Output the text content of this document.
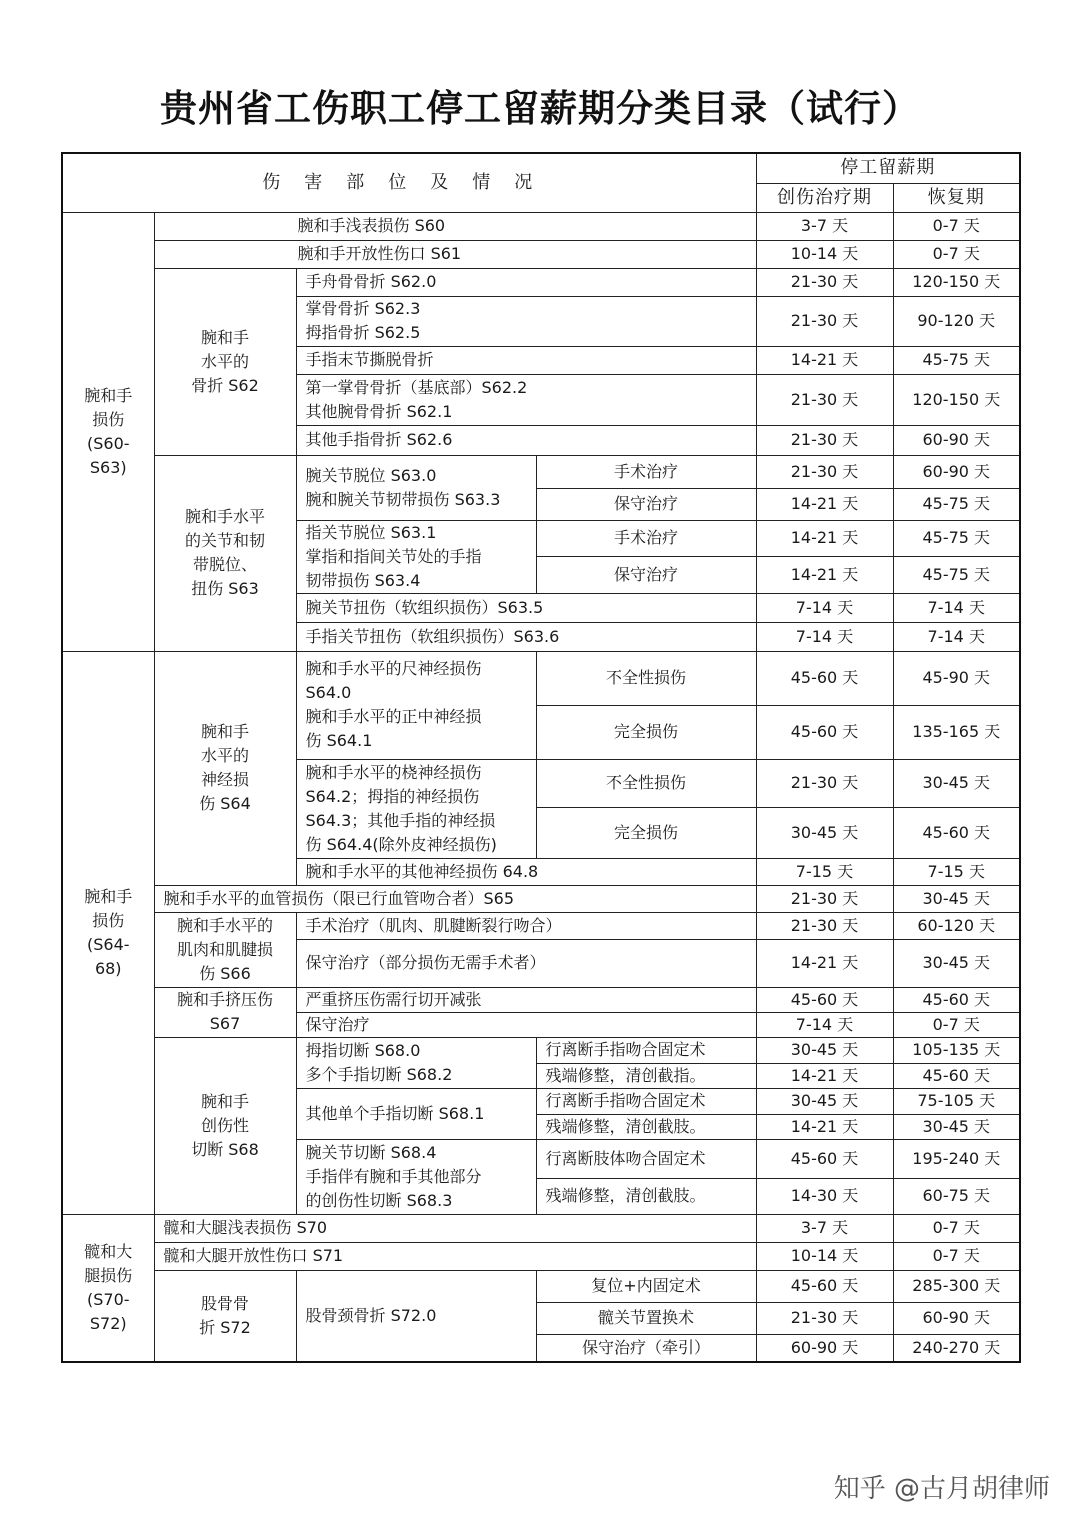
贵州省工伤职工停工留薪期分类目录（试行）
伤害部位及情况				停工留薪期	
				创伤治疗期	恢复期

腕和手
损伤
(S60-
S63)	腕和手浅表损伤 S60			3-7 天	0-7 天
	腕和手开放性伤口 S61			10-14 天	0-7 天

	腕和手
水平的
骨折 S62	手舟骨骨折 S62.0		21-30 天	120-150 天

		掌骨骨折 S62.3
拇指骨折 S62.5		21-30 天	90-120 天
		手指末节撕脱骨折		14-21 天	45-75 天

		第一掌骨骨折（基底部）S62.2
其他腕骨骨折 S62.1		21-30 天	120-150 天
		其他手指骨折 S62.6		21-30 天	60-90 天

	腕和手水平
的关节和韧
带脱位、
扭伤 S63	腕关节脱位 S63.0
腕和腕关节韧带损伤 S63.3	手术治疗	21-30 天	60-90 天
			保守治疗	14-21 天	45-75 天

		指关节脱位 S63.1
掌指和指间关节处的手指
韧带损伤 S63.4	手术治疗	14-21 天	45-75 天
			保守治疗	14-21 天	45-75 天
		腕关节扭伤（软组织损伤）S63.5		7-14 天	7-14 天
		手指关节扭伤（软组织损伤）S63.6		7-14 天	7-14 天

腕和手
损伤
(S64-
68)	腕和手
水平的
神经损
伤 S64	腕和手水平的尺神经损伤
S64.0
腕和手水平的正中神经损
伤 S64.1	不全性损伤	45-60 天	45-90 天
			完全损伤	45-60 天	135-165 天

		腕和手水平的桡神经损伤
S64.2；拇指的神经损伤
S64.3；其他手指的神经损
伤 S64.4(除外皮神经损伤)	不全性损伤	21-30 天	30-45 天
			完全损伤	30-45 天	45-60 天
		腕和手水平的其他神经损伤 64.8		7-15 天	7-15 天
	腕和手水平的血管损伤（限已行血管吻合者）S65			21-30 天	30-45 天

	腕和手水平的
肌肉和肌腱损
伤 S66	手术治疗（肌肉、肌腱断裂行吻合）		21-30 天	60-120 天
		保守治疗（部分损伤无需手术者）		14-21 天	30-45 天

	腕和手挤压伤
S67	严重挤压伤需行切开减张		45-60 天	45-60 天
		保守治疗		7-14 天	0-7 天

	腕和手
创伤性
切断 S68	拇指切断 S68.0
多个手指切断 S68.2	行离断手指吻合固定术	30-45 天	105-135 天
			残端修整，清创截指。	14-21 天	45-60 天
		其他单个手指切断 S68.1	行离断手指吻合固定术	30-45 天	75-105 天
			残端修整，清创截肢。	14-21 天	30-45 天

		腕关节切断 S68.4
手指伴有腕和手其他部分
的创伤性切断 S68.3	行离断肢体吻合固定术	45-60 天	195-240 天
			残端修整，清创截肢。	14-30 天	60-75 天

髋和大
腿损伤
(S70-
S72)	髋和大腿浅表损伤 S70			3-7 天	0-7 天
	髋和大腿开放性伤口 S71			10-14 天	0-7 天

	股骨骨
折 S72	股骨颈骨折 S72.0	复位+内固定术	45-60 天	285-300 天
			髋关节置换术	21-30 天	60-90 天
			保守治疗（牵引）	60-90 天	240-270 天
知乎 @古月胡律师
